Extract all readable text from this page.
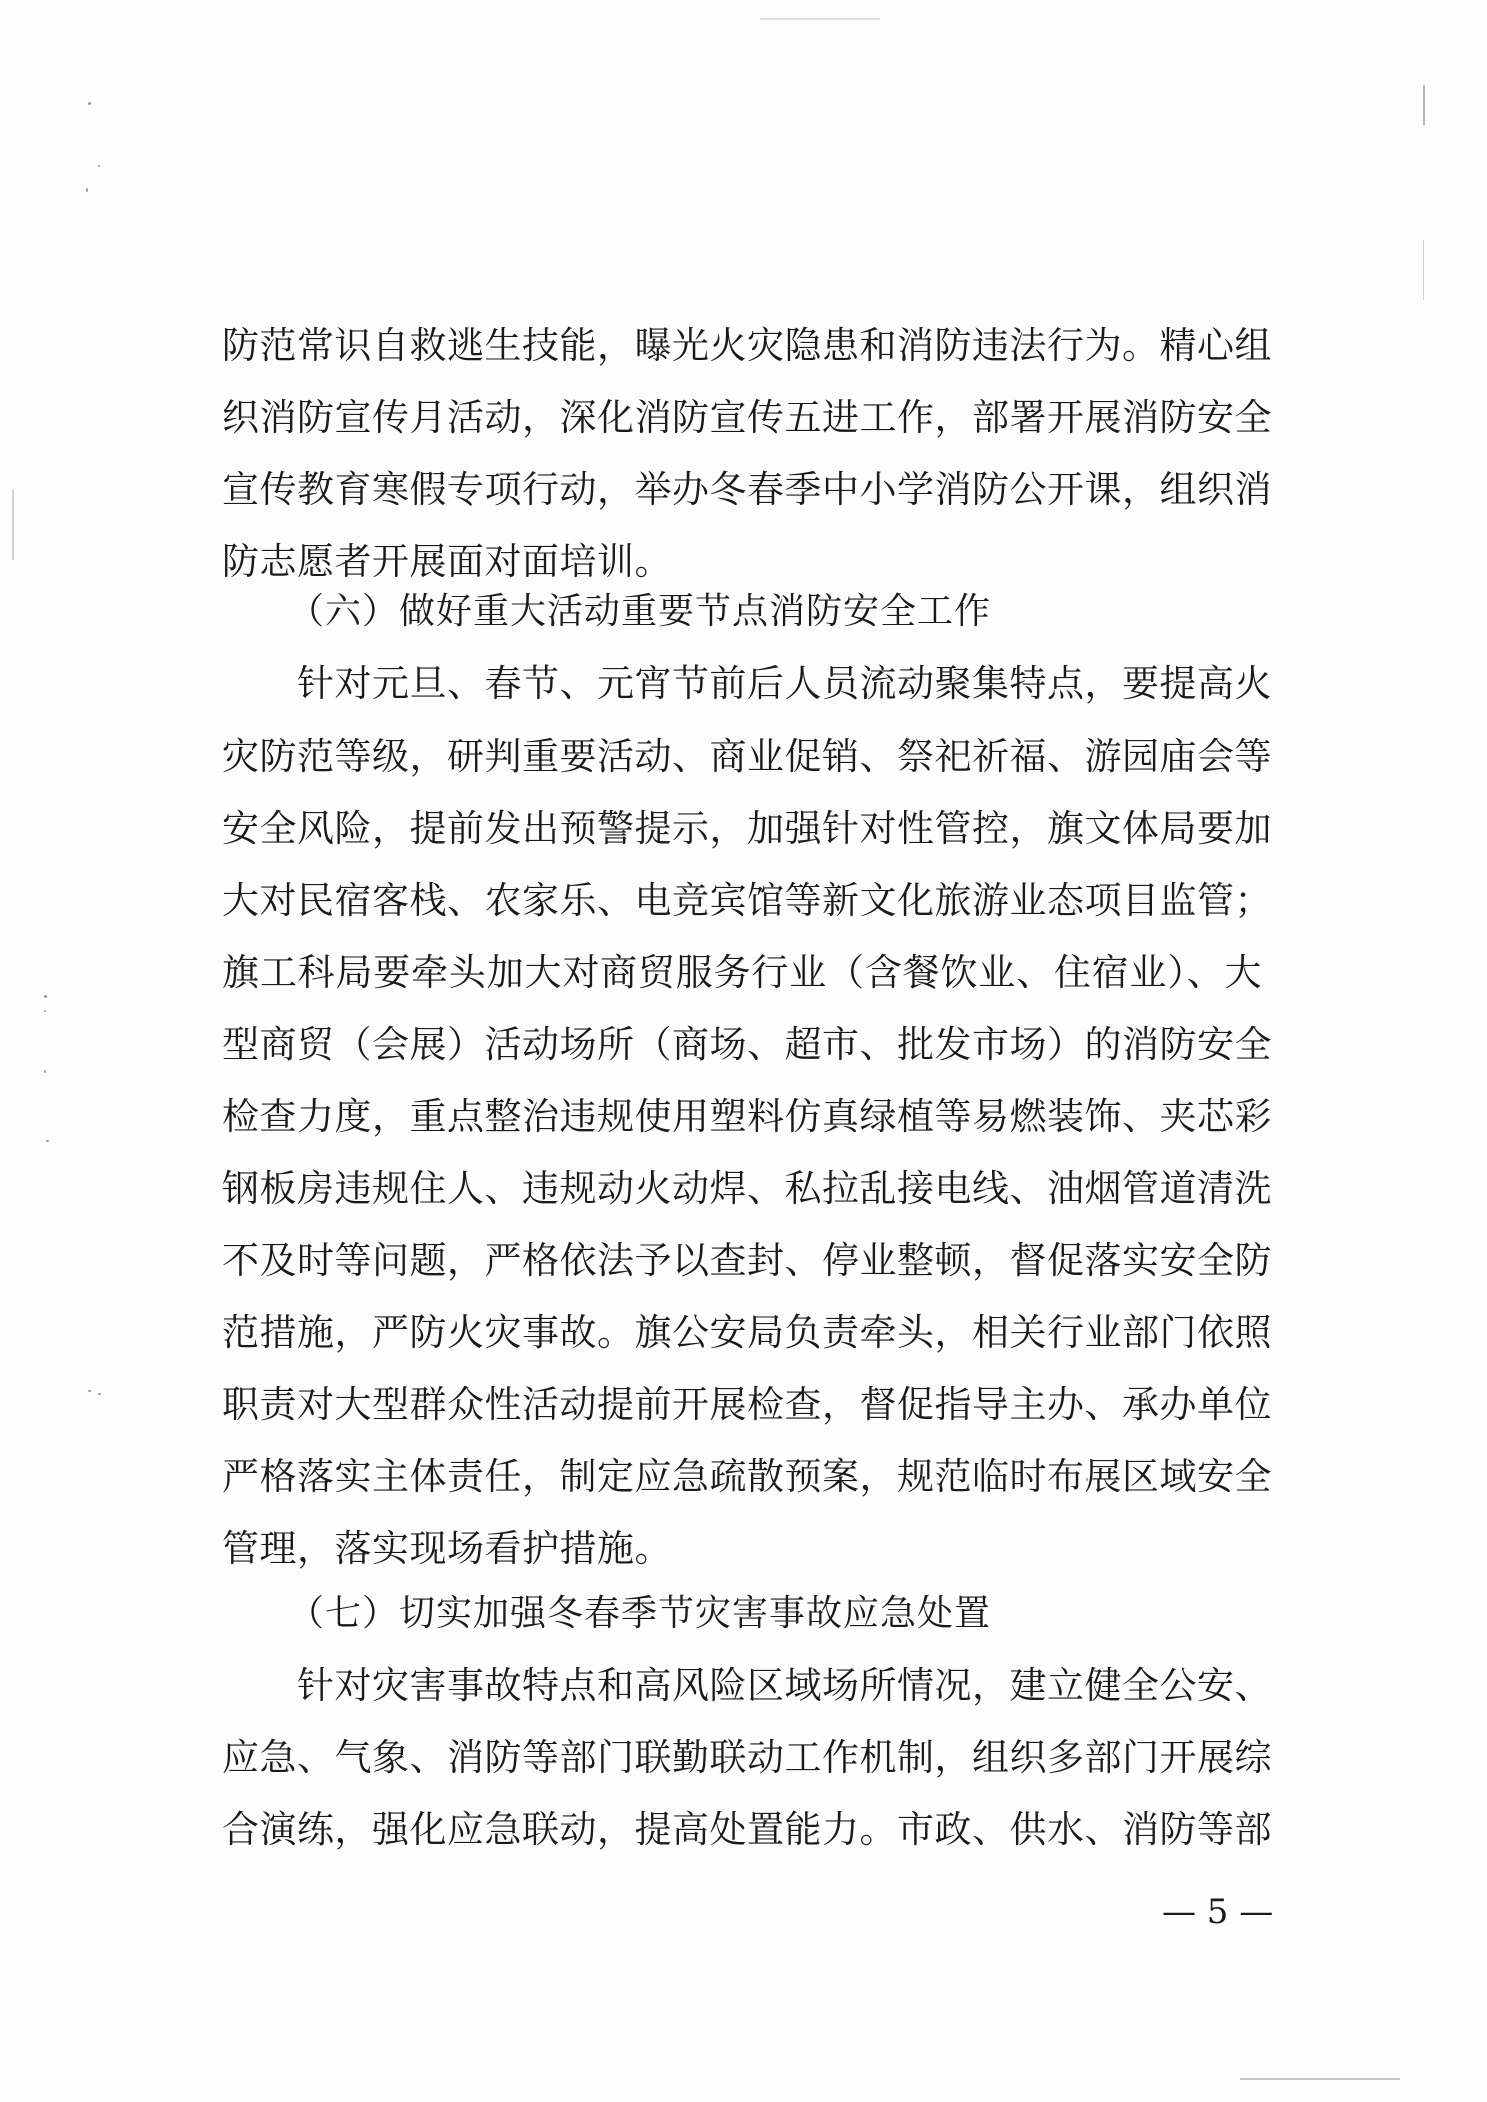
防范常识自救逃生技能，曝光火灾隐患和消防违法行为。精心组
织消防宣传月活动，深化消防宣传五进工作，部署开展消防安全
宣传教育寒假专项行动，举办冬春季中小学消防公开课，组织消
防志愿者开展面对面培训。
（六）做好重大活动重要节点消防安全工作
针对元旦、春节、元宵节前后人员流动聚集特点，要提高火
灾防范等级，研判重要活动、商业促销、祭祀祈福、游园庙会等
安全风险，提前发出预警提示，加强针对性管控，旗文体局要加
大对民宿客栈、农家乐、电竞宾馆等新文化旅游业态项目监管；
旗工科局要牵头加大对商贸服务行业（含餐饮业、住宿业）、大
型商贸（会展）活动场所（商场、超市、批发市场）的消防安全
检查力度，重点整治违规使用塑料仿真绿植等易燃装饰、夹芯彩
钢板房违规住人、违规动火动焊、私拉乱接电线、油烟管道清洗
不及时等问题，严格依法予以查封、停业整顿，督促落实安全防
范措施，严防火灾事故。旗公安局负责牵头，相关行业部门依照
职责对大型群众性活动提前开展检查，督促指导主办、承办单位
严格落实主体责任，制定应急疏散预案，规范临时布展区域安全
管理，落实现场看护措施。
（七）切实加强冬春季节灾害事故应急处置
针对灾害事故特点和高风险区域场所情况，建立健全公安、
应急、气象、消防等部门联勤联动工作机制，组织多部门开展综
合演练，强化应急联动，提高处置能力。市政、供水、消防等部
— 5 —
